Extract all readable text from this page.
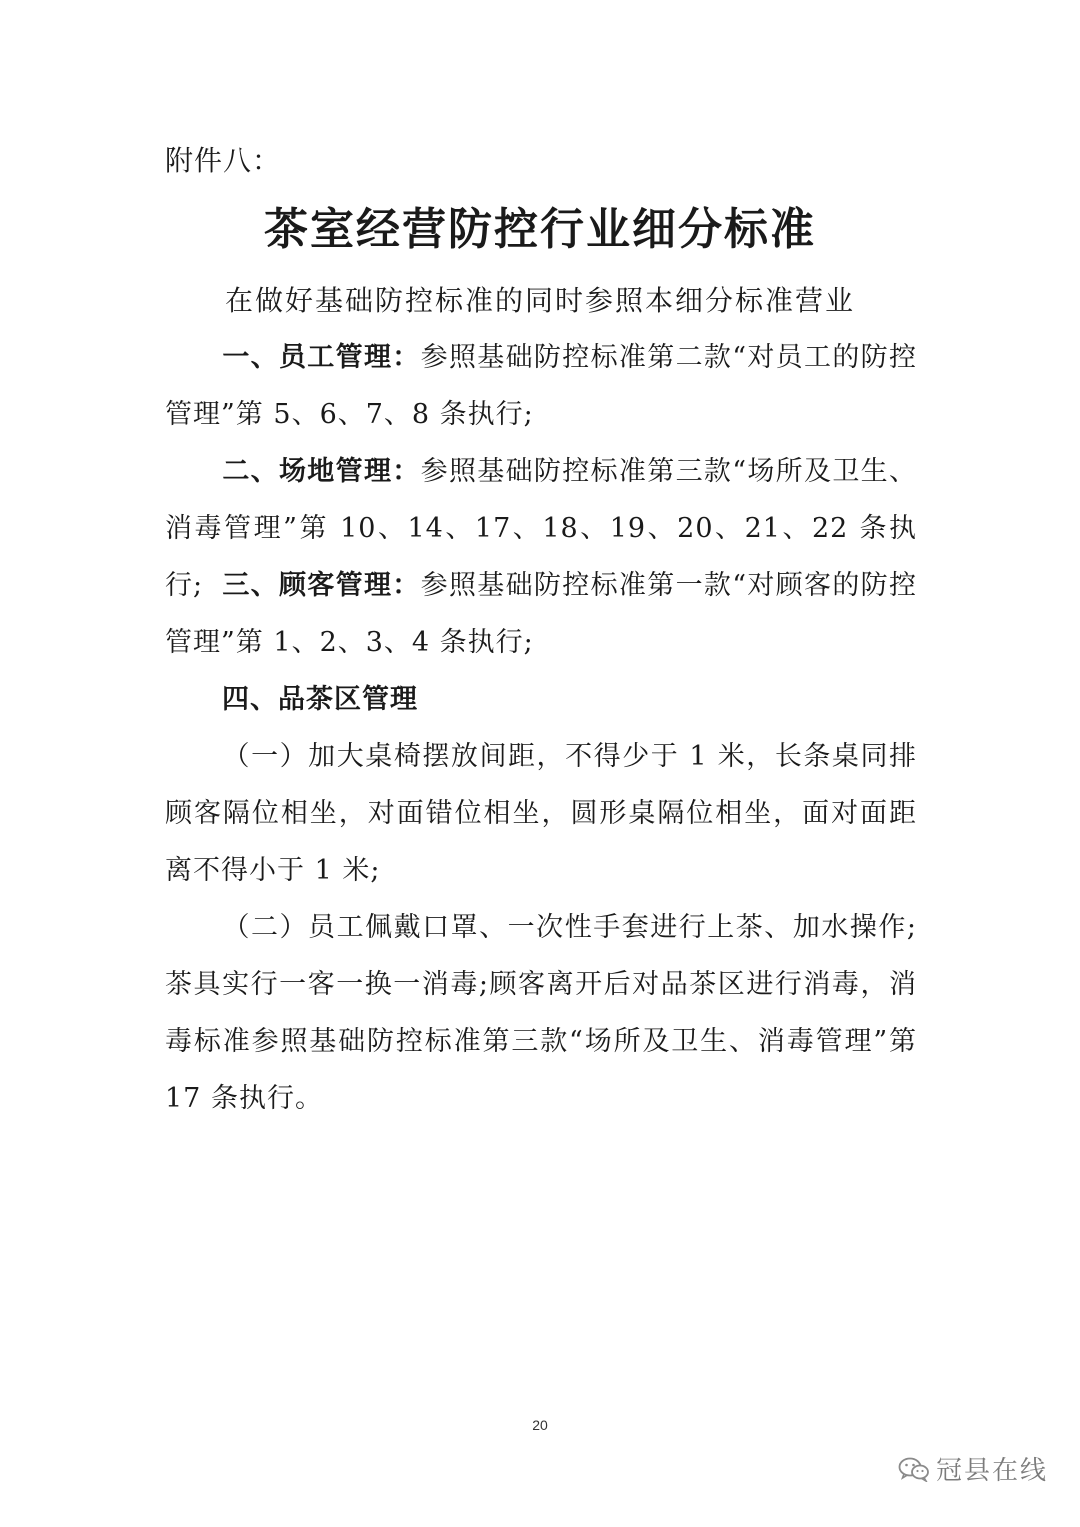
附件八：
茶室经营防控行业细分标准
在做好基础防控标准的同时参照本细分标准营业
一、员工管理：参照基础防控标准第二款“对员工的防控管理”第 5、6、7、8 条执行;
二、场地管理：参照基础防控标准第三款“场所及卫生、消毒管理”第 10、14、17、18、19、20、21、22 条执行; 三、顾客管理：参照基础防控标准第一款“对顾客的防控管理”第 1、2、3、4 条执行;
四、品茶区管理
（一）加大桌椅摆放间距，不得少于 1 米，长条桌同排顾客隔位相坐，对面错位相坐，圆形桌隔位相坐，面对面距离不得小于 1 米;
（二）员工佩戴口罩、一次性手套进行上茶、加水操作;茶具实行一客一换一消毒;顾客离开后对品茶区进行消毒，消毒标准参照基础防控标准第三款“场所及卫生、消毒管理”第 17 条执行。
20
冠县在线
